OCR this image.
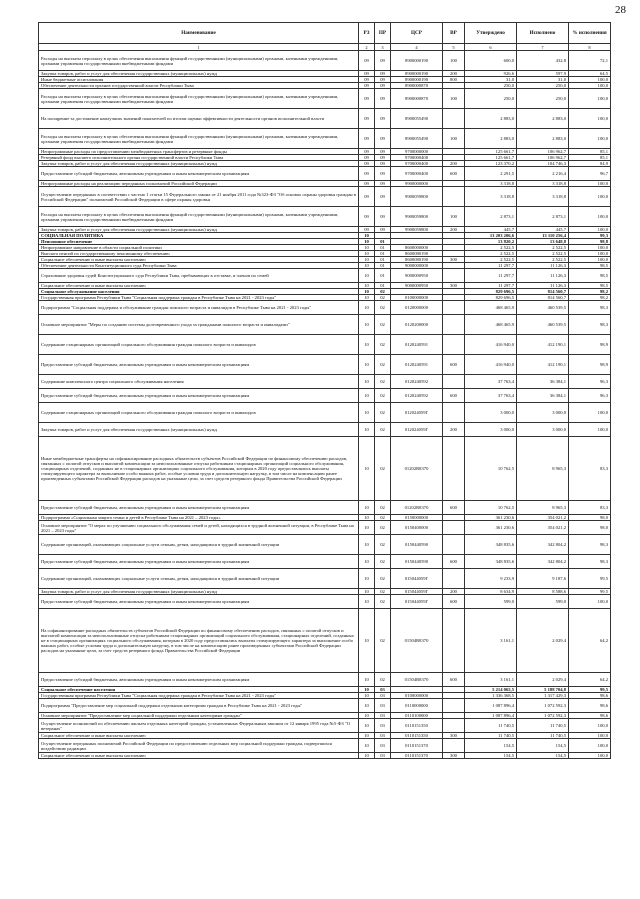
28
Наименование	РЗ	ПР	ЦСР	ВР	Утверждено	Исполнено	% исполнения
1	2	3	4	5	6	7	8
Расходы на выплаты персоналу в целях обеспечения выполнения функций государственными (муниципальными) органами, казенными учреждениями, органами управления государственными внебюджетными фондами	09	09	8900000190	100	600,0	432,8	72,1
Закупка товаров, работ и услуг для обеспечения государственных (муниципальных) нужд	09	09	8900000190	200	926,6	597,9	64,5
Иные бюджетные ассигнования	09	09	8900000190	800	31,0	31,0	100,0
Обеспечение деятельности органов государственной власти Республики Тыва	09	09	8900000870		250,0	250,0	100,0
Расходы на выплаты персоналу в целях обеспечения выполнения функций государственными (муниципальными) органами, казенными учреждениями, органами управления государственными внебюджетными фондами	09	09	8900000870	100	250,0	250,0	100,0
На поощрение за достижение наилучших значений показателей по итогам оценки эффективности деятельности органов исполнительной власти	09	09	8900055490		2 883,0	2 883,0	100,0
Расходы на выплаты персоналу в целях обеспечения выполнения функций государственными (муниципальными) органами, казенными учреждениями, органами управления государственными внебюджетными фондами	09	09	8900055490	100	2 883,0	2 883,0	100,0
Непрограммные расходы по предоставлению межбюджетных трансфертов и резервные фонды	09	09	9700000000		125 661,7	106 962,7	85,1
Резервный фонд высшего исполнительного органа государственной власти Республики Тыва	09	09	9700000400		125 661,7	106 962,7	85,1
Закупка товаров, работ и услуг для обеспечения государственных (муниципальных) нужд	09	09	9700000400	200	123 370,2	104 746,3	84,9
Предоставление субсидий бюджетным, автономным учреждениям и иным некоммерческим организациям	09	09	9700000400	600	2 291,5	2 216,4	96,7
Непрограммные расходы на реализацию переданных полномочий Российской Федерации	09	09	9900000000		3 318,8	3 318,8	100,0
Осуществление переданных в соответствии с частью 1 статьи 15 Федерального закона от 21 ноября 2011 года №323-ФЗ "Об основах охраны здоровья граждан в Российской Федерации" полномочий Российской Федерации в сфере охраны здоровья	09	09	9900059800		3 318,8	3 318,8	100,0
Расходы на выплаты персоналу в целях обеспечения выполнения функций государственными (муниципальными) органами, казенными учреждениями, органами управления государственными внебюджетными фондами	09	09	9900059800	100	2 873,1	2 873,1	100,0
Закупка товаров, работ и услуг для обеспечения государственных (муниципальных) нужд	09	09	9900059800	200	445,7	445,7	100,0
СОЦИАЛЬНАЯ ПОЛИТИКА	10				13 203 206,6	13 110 256,4	99,3
Пенсионное обеспечение	10	01			13 820,2	13 648,8	98,8
Непрограммное направление в области социальной политики	10	01	8600000000		2 522,5	2 522,5	100,0
Выплата пенсий по государственному пенсионному обеспечению	10	01	8600080190		2 522,5	2 522,5	100,0
Социальное обеспечение и иные выплаты населению	10	01	8600080190	300	2 522,5	2 522,5	100,0
Обеспечение деятельности Конституционного суда Республики Тыва	10	01	9000000000		11 297,7	11 126,3	98,5
Страхование здоровья судей Конституционного суда Республики Тыва, пребывающих в отставке, и членов их семей	10	01	9000000950		11 297,7	11 126,3	98,5
Социальное обеспечение и иные выплаты населению	10	01	9000000950	300	11 297,7	11 126,3	98,5
Социальное обслуживание населения	10	02			829 696,5	814 560,7	98,2
Государственная программа Республики Тыва "Социальная поддержка граждан в Республике Тыва на 2021 - 2023 годы"	10	02	0100000000		829 696,5	814 560,7	98,2
Подпрограмма "Социальная поддержка и обслуживание граждан пожилого возраста и инвалидов в Республике Тыва на 2021 - 2023 годы"	10	02	0120000000		468 465,9	460 539,5	98,3
Основное мероприятие "Меры по созданию системы долговременного ухода за гражданами пожилого возраста и инвалидами"	10	02	0120200000		468 465,9	460 539,5	98,3
Содержание стационарных организаций социального обслуживания граждан пожилого возраста и инвалидов	10	02	0120240591		416 940,0	412 190,1	98,9
Предоставление субсидий бюджетным, автономным учреждениям и иным некоммерческим организациям	10	02	0120240591	600	416 940,0	412 190,1	98,9
Содержание комплексного центра социального обслуживания населения	10	02	0120240592		37 763,4	36 384,1	96,3
Предоставление субсидий бюджетным, автономным учреждениям и иным некоммерческим организациям	10	02	0120240592	600	37 763,4	36 384,1	96,3
Содержание стационарных организаций социального обслуживания граждан пожилого возраста и инвалидов	10	02	012024059Г		3 000,0	3 000,0	100,0
Закупка товаров, работ и услуг для обеспечения государственных (муниципальных) нужд	10	02	012024059Г	200	3 000,0	3 000,0	100,0
Иные межбюджетные трансферты на софинансирование расходных обязательств субъектов Российской Федерации по финансовому обеспечению расходов, связанных с оплатой отпусков и выплатой компенсации за неиспользованные отпуска работникам стационарных организаций социального обслуживания, стационарных отделений, созданных не в стационарных организациях социального обслуживания, которым в 2020 году предоставлялись выплаты стимулирующего характера за выполнение особо важных работ, особые условия труда и дополнительную нагрузку, в том числе на компенсацию ранее произведенных субъектами Российской Федерации расходов на указанные цели, за счет средств резервного фонда Правительства Российской Федерации	10	02	01202R8370		10 762,5	8 965,3	83,3
Предоставление субсидий бюджетным, автономным учреждениям и иным некоммерческим организациям	10	02	01202R8370	600	10 762,5	8 965,3	83,3
Подпрограмма «Социальная защита семьи и детей в Республике Тыва на 2021 – 2023 годы»	10	02	0150000000		361 230,6	354 021,2	98,0
Основное мероприятие "О мерах по улучшению социального обслуживания семей и детей, находящихся в трудной жизненной ситуации, в Республике Тыва на 2021 – 2023 годы"	10	02	0150400000		361 230,6	354 021,2	98,0
Содержание организаций, оказывающих социальные услуги семьям, детям, находящимся в трудной жизненной ситуации	10	02	0150440590		348 835,6	342 804,2	98,3
Предоставление субсидий бюджетным, автономным учреждениям и иным некоммерческим организациям	10	02	0150440590	600	348 835,6	342 804,2	98,3
Содержание организаций, оказывающих социальные услуги семьям, детям, находящимся в трудной жизненной ситуации	10	02	015044059Г		9 233,9	9 187,6	99,5
Закупка товаров, работ и услуг для обеспечения государственных (муниципальных) нужд	10	02	015044059Г	200	8 634,9	8 588,6	99,5
Предоставление субсидий бюджетным, автономным учреждениям и иным некоммерческим организациям	10	02	015044059Г	600	599,0	599,0	100,0
На софинансирование расходных обязательств субъектов Российской Федерации по финансовому обеспечению расходов, связанных с оплатой отпусков и выплатой компенсации за неиспользованные отпуска работникам стационарных организаций социального обслуживания, стационарных отделений, созданных не в стационарных организациях социального обслуживания, которым в 2020 году предоставлялись выплаты стимулирующего характера за выполнение особо важных работ, особые условия труда и дополнительную нагрузку, в том числе на компенсацию ранее произведенных субъектами Российской Федерации расходов на указанные цели, за счет средств резервного фонда Правительства Российской Федерации	10	02	01504R8370		3 161,1	2 029,4	64,2
Предоставление субсидий бюджетным, автономным учреждениям и иным некоммерческим организациям	10	02	01504R8370	600	3 161,1	2 029,4	64,2
Социальное обеспечение населения	10	03			5 214 065,5	5 188 704,8	99,5
Государственная программа Республики Тыва "Социальная поддержка граждан в Республике Тыва на 2021 - 2023 годы"	10	03	0100000000		1 336 368,5	1 317 429,3	98,6
Подпрограмма "Предоставление мер социальной поддержки отдельным категориям граждан в Республике Тыва на 2021 - 2023 годы"	10	03	0110000000		1 087 896,4	1 072 592,3	98,6
Основное мероприятие "Предоставление мер социальной поддержки отдельным категориям граждан"	10	03	0110100000		1 087 896,4	1 072 592,3	98,6
Осуществление полномочий по обеспечению жильем отдельных категорий граждан, установленных Федеральным законом от 12 января 1995 года №5-ФЗ "О ветеранах"	10	03	0110151350		11 740,5	11 740,5	100,0
Социальное обеспечение и иные выплаты населению	10	03	0110151350	300	11 740,5	11 740,5	100,0
Осуществление переданных полномочий Российской Федерации по предоставлению отдельных мер социальной поддержки граждан, подвергшихся воздействию радиации	10	03	0110151370		154,5	154,5	100,0
Социальное обеспечение и иные выплаты населению	10	03	0110151370	300	154,5	154,5	100,0
